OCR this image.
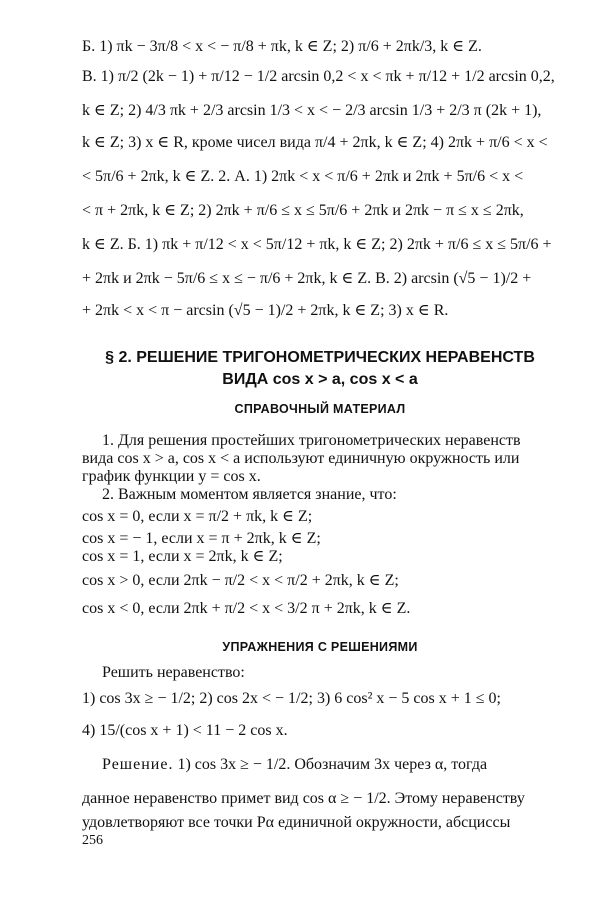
Б. 1) πk − 3π/8 < x < − π/8 + πk, k ∈ Z; 2) π/6 + 2πk/3, k ∈ Z.
В. 1) π/2 (2k − 1) + π/12 − 1/2 arcsin 0,2 < x < πk + π/12 + 1/2 arcsin 0,2,
k ∈ Z; 2) 4/3 πk + 2/3 arcsin 1/3 < x < − 2/3 arcsin 1/3 + 2/3 π (2k + 1),
k ∈ Z; 3) x ∈ R, кроме чисел вида π/4 + 2πk, k ∈ Z; 4) 2πk + π/6 < x <
< 5π/6 + 2πk, k ∈ Z. 2. А. 1) 2πk < x < π/6 + 2πk и 2πk + 5π/6 < x <
< π + 2πk, k ∈ Z; 2) 2πk + π/6 ≤ x ≤ 5π/6 + 2πk и 2πk − π ≤ x ≤ 2πk,
k ∈ Z. Б. 1) πk + π/12 < x < 5π/12 + πk, k ∈ Z; 2) 2πk + π/6 ≤ x ≤ 5π/6 +
+ 2πk и 2πk − 5π/6 ≤ x ≤ − π/6 + 2πk, k ∈ Z. В. 2) arcsin (√5 − 1)/2 +
+ 2πk < x < π − arcsin (√5 − 1)/2 + 2πk, k ∈ Z; 3) x ∈ R.
§ 2. РЕШЕНИЕ ТРИГОНОМЕТРИЧЕСКИХ НЕРАВЕНСТВ
ВИДА cos x > a, cos x < a
СПРАВОЧНЫЙ МАТЕРИАЛ
1. Для решения простейших тригонометрических неравенств
вида cos x > a, cos x < a используют единичную окружность или
график функции y = cos x.
2. Важным моментом является знание, что:
cos x = 0, если x = π/2 + πk, k ∈ Z;
cos x = − 1, если x = π + 2πk, k ∈ Z;
cos x = 1, если x = 2πk, k ∈ Z;
cos x > 0, если 2πk − π/2 < x < π/2 + 2πk, k ∈ Z;
cos x < 0, если 2πk + π/2 < x < 3/2 π + 2πk, k ∈ Z.
УПРАЖНЕНИЯ С РЕШЕНИЯМИ
Решить неравенство:
1) cos 3x ≥ − 1/2; 2) cos 2x < − 1/2; 3) 6 cos² x − 5 cos x + 1 ≤ 0;
4) 15/(cos x + 1) < 11 − 2 cos x.
Решение. 1) cos 3x ≥ − 1/2. Обозначим 3x через α, тогда
данное неравенство примет вид cos α ≥ − 1/2. Этому неравенству
удовлетворяют все точки Pα единичной окружности, абсциссы
256
